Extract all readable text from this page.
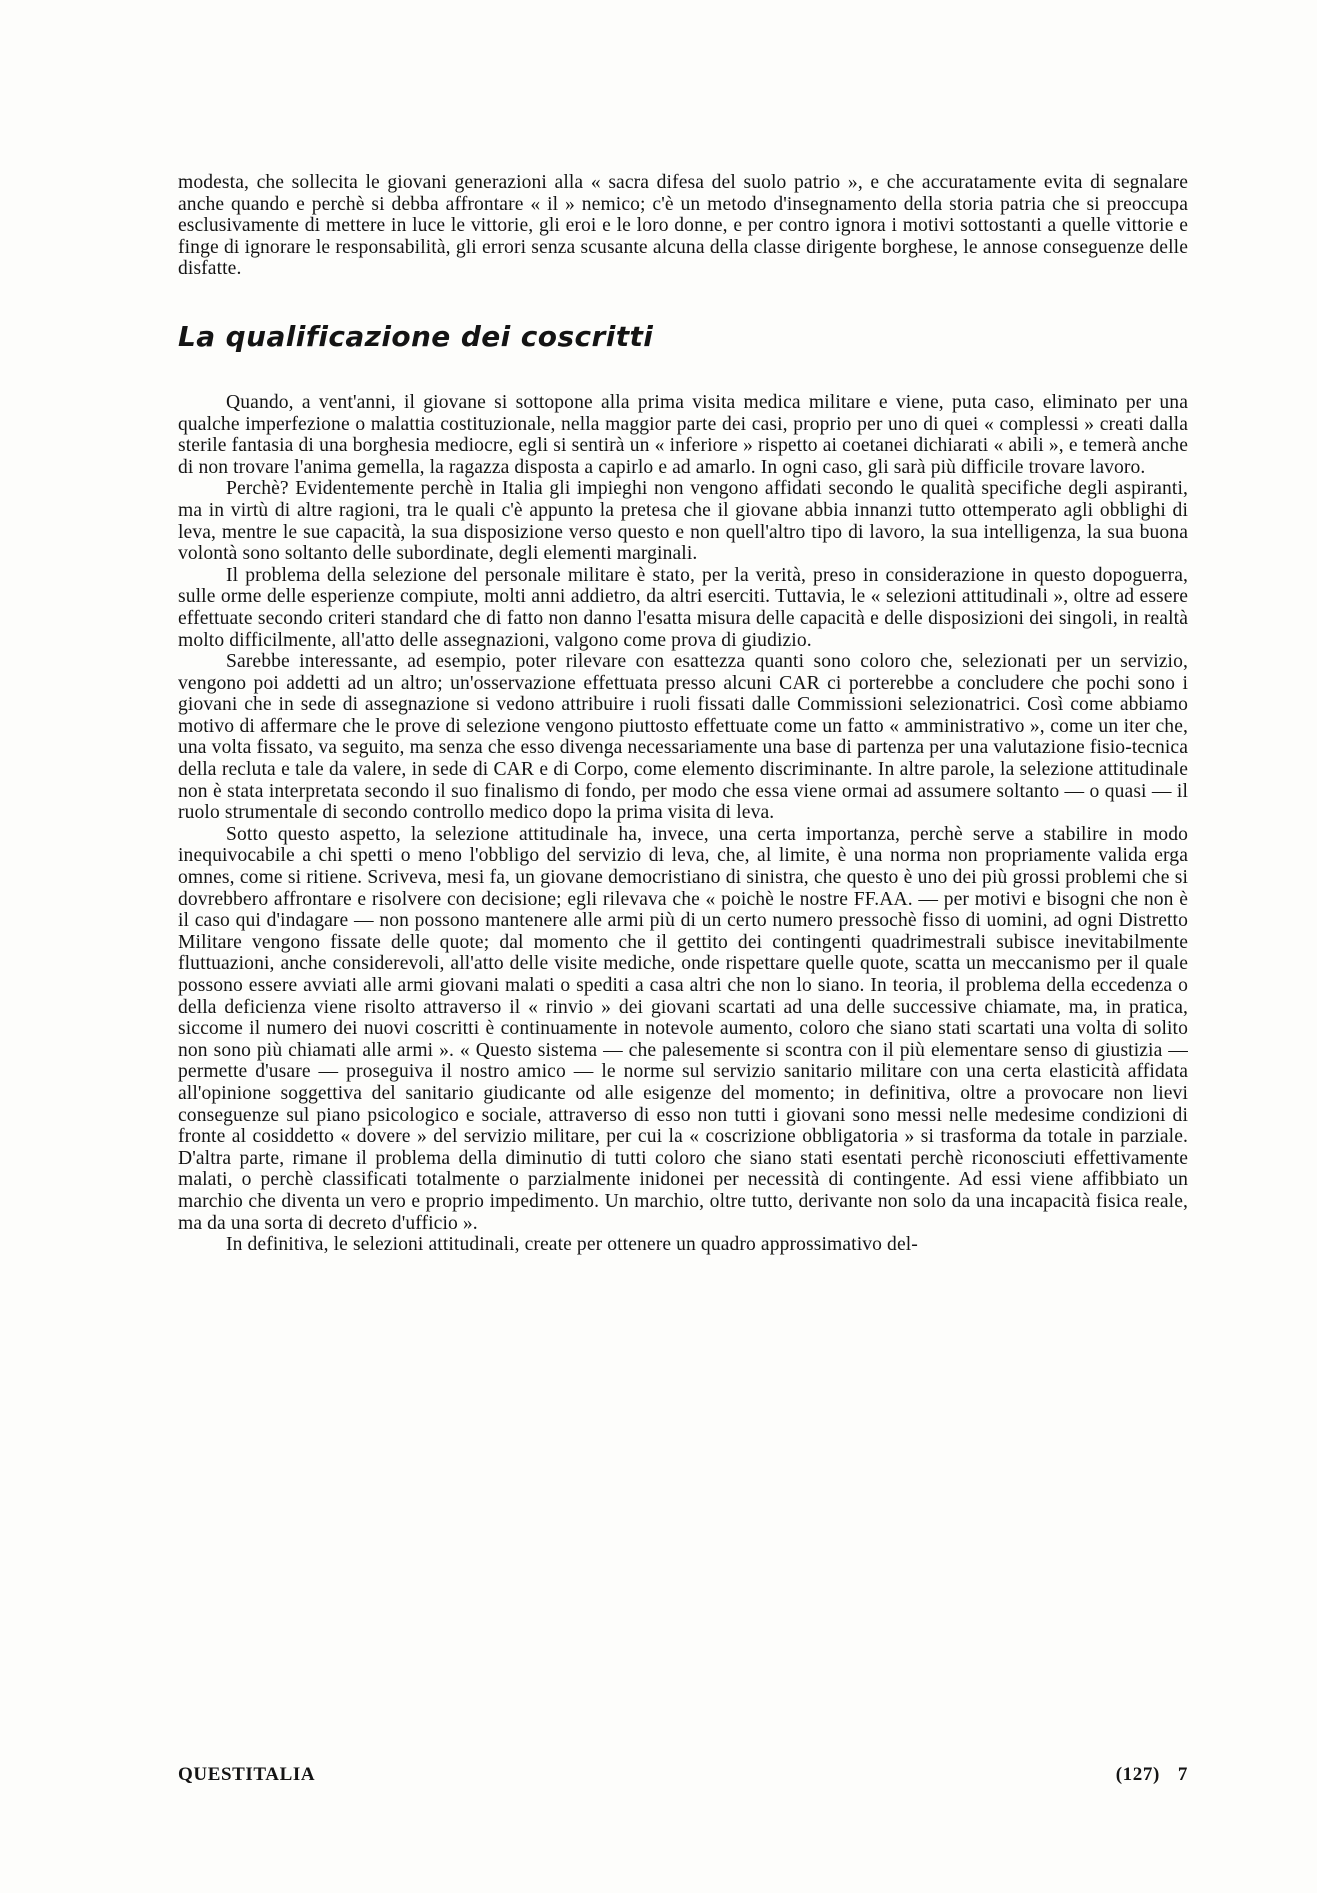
modesta, che sollecita le giovani generazioni alla « sacra difesa del suolo patrio », e che accuratamente evita di segnalare anche quando e perchè si debba affrontare « il » nemico; c'è un metodo d'insegnamento della storia patria che si preoccupa esclusivamente di mettere in luce le vittorie, gli eroi e le loro donne, e per contro ignora i motivi sottostanti a quelle vittorie e finge di ignorare le responsabilità, gli errori senza scusante alcuna della classe dirigente borghese, le annose conseguenze delle disfatte.

La qualificazione dei coscritti

Quando, a vent'anni, il giovane si sottopone alla prima visita medica militare e viene, puta caso, eliminato per una qualche imperfezione o malattia costituzionale, nella maggior parte dei casi, proprio per uno di quei « complessi » creati dalla sterile fantasia di una borghesia mediocre, egli si sentirà un « inferiore » rispetto ai coetanei dichiarati « abili », e temerà anche di non trovare l'anima gemella, la ragazza disposta a capirlo e ad amarlo. In ogni caso, gli sarà più difficile trovare lavoro.

Perchè? Evidentemente perchè in Italia gli impieghi non vengono affidati secondo le qualità specifiche degli aspiranti, ma in virtù di altre ragioni, tra le quali c'è appunto la pretesa che il giovane abbia innanzi tutto ottemperato agli obblighi di leva, mentre le sue capacità, la sua disposizione verso questo e non quell'altro tipo di lavoro, la sua intelligenza, la sua buona volontà sono soltanto delle subordinate, degli elementi marginali.

Il problema della selezione del personale militare è stato, per la verità, preso in considerazione in questo dopoguerra, sulle orme delle esperienze compiute, molti anni addietro, da altri eserciti. Tuttavia, le « selezioni attitudinali », oltre ad essere effettuate secondo criteri standard che di fatto non danno l'esatta misura delle capacità e delle disposizioni dei singoli, in realtà molto difficilmente, all'atto delle assegnazioni, valgono come prova di giudizio.

Sarebbe interessante, ad esempio, poter rilevare con esattezza quanti sono coloro che, selezionati per un servizio, vengono poi addetti ad un altro; un'osservazione effettuata presso alcuni CAR ci porterebbe a concludere che pochi sono i giovani che in sede di assegnazione si vedono attribuire i ruoli fissati dalle Commissioni selezionatrici. Così come abbiamo motivo di affermare che le prove di selezione vengono piuttosto effettuate come un fatto « amministrativo », come un iter che, una volta fissato, va seguito, ma senza che esso divenga necessariamente una base di partenza per una valutazione fisio-tecnica della recluta e tale da valere, in sede di CAR e di Corpo, come elemento discriminante. In altre parole, la selezione attitudinale non è stata interpretata secondo il suo finalismo di fondo, per modo che essa viene ormai ad assumere soltanto — o quasi — il ruolo strumentale di secondo controllo medico dopo la prima visita di leva.

Sotto questo aspetto, la selezione attitudinale ha, invece, una certa importanza, perchè serve a stabilire in modo inequivocabile a chi spetti o meno l'obbligo del servizio di leva, che, al limite, è una norma non propriamente valida erga omnes, come si ritiene. Scriveva, mesi fa, un giovane democristiano di sinistra, che questo è uno dei più grossi problemi che si dovrebbero affrontare e risolvere con decisione; egli rilevava che « poichè le nostre FF.AA. — per motivi e bisogni che non è il caso qui d'indagare — non possono mantenere alle armi più di un certo numero pressochè fisso di uomini, ad ogni Distretto Militare vengono fissate delle quote; dal momento che il gettito dei contingenti quadrimestrali subisce inevitabilmente fluttuazioni, anche considerevoli, all'atto delle visite mediche, onde rispettare quelle quote, scatta un meccanismo per il quale possono essere avviati alle armi giovani malati o spediti a casa altri che non lo siano. In teoria, il problema della eccedenza o della deficienza viene risolto attraverso il « rinvio » dei giovani scartati ad una delle successive chiamate, ma, in pratica, siccome il numero dei nuovi coscritti è continuamente in notevole aumento, coloro che siano stati scartati una volta di solito non sono più chiamati alle armi ». « Questo sistema — che palesemente si scontra con il più elementare senso di giustizia — permette d'usare — proseguiva il nostro amico — le norme sul servizio sanitario militare con una certa elasticità affidata all'opinione soggettiva del sanitario giudicante od alle esigenze del momento; in definitiva, oltre a provocare non lievi conseguenze sul piano psicologico e sociale, attraverso di esso non tutti i giovani sono messi nelle medesime condizioni di fronte al cosiddetto « dovere » del servizio militare, per cui la « coscrizione obbligatoria » si trasforma da totale in parziale. D'altra parte, rimane il problema della diminutio di tutti coloro che siano stati esentati perchè riconosciuti effettivamente malati, o perchè classificati totalmente o parzialmente inidonei per necessità di contingente. Ad essi viene affibbiato un marchio che diventa un vero e proprio impedimento. Un marchio, oltre tutto, derivante non solo da una incapacità fisica reale, ma da una sorta di decreto d'ufficio ».

In definitiva, le selezioni attitudinali, create per ottenere un quadro approssimativo del-

QUESTITALIA	(127) 7
